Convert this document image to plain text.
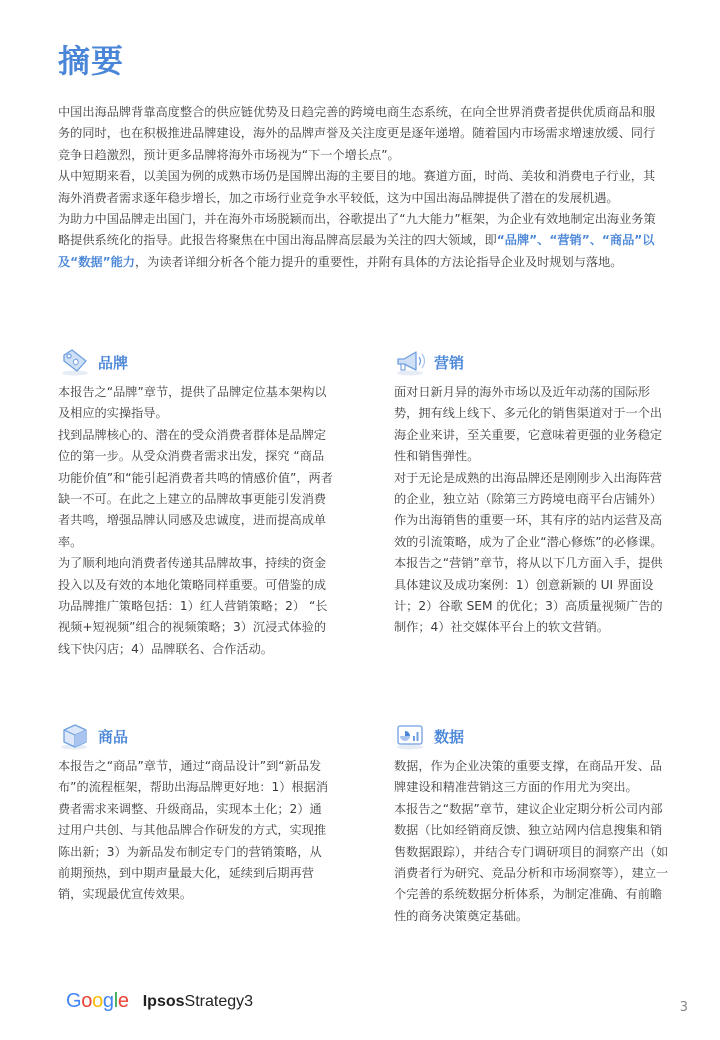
摘要

中国出海品牌背靠高度整合的供应链优势及日趋完善的跨境电商生态系统，在向全世界消费者提供优质商品和服务的同时，也在积极推进品牌建设，海外的品牌声誉及关注度更是逐年递增。随着国内市场需求增速放缓、同行竞争日趋激烈，预计更多品牌将海外市场视为“下一个增长点”。

从中短期来看，以美国为例的成熟市场仍是国牌出海的主要目的地。赛道方面，时尚、美妆和消费电子行业，其海外消费者需求逐年稳步增长，加之市场行业竞争水平较低，这为中国出海品牌提供了潜在的发展机遇。

为助力中国品牌走出国门，并在海外市场脱颖而出，谷歌提出了“九大能力”框架，为企业有效地制定出海业务策略提供系统化的指导。此报告将聚焦在中国出海品牌高层最为关注的四大领域，即“品牌”、“营销”、“商品”以及“数据”能力，为读者详细分析各个能力提升的重要性，并附有具体的方法论指导企业及时规划与落地。

品牌

本报告之“品牌”章节，提供了品牌定位基本架构以及相应的实操指导。

找到品牌核心的、潜在的受众消费者群体是品牌定位的第一步。从受众消费者需求出发，探究 “商品功能价值”和“能引起消费者共鸣的情感价值”，两者缺一不可。在此之上建立的品牌故事更能引发消费者共鸣，增强品牌认同感及忠诚度，进而提高成单率。

为了顺利地向消费者传递其品牌故事，持续的资金投入以及有效的本地化策略同样重要。可借鉴的成功品牌推广策略包括：1）红人营销策略；2） “长视频+短视频”组合的视频策略；3）沉浸式体验的线下快闪店；4）品牌联名、合作活动。

营销

面对日新月异的海外市场以及近年动荡的国际形势，拥有线上线下、多元化的销售渠道对于一个出海企业来讲，至关重要，它意味着更强的业务稳定性和销售弹性。

对于无论是成熟的出海品牌还是刚刚步入出海阵营的企业，独立站（除第三方跨境电商平台店铺外） 作为出海销售的重要一环，其有序的站内运营及高效的引流策略，成为了企业“潜心修炼”的必修课。

本报告之“营销”章节，将从以下几方面入手，提供具体建议及成功案例：1）创意新颖的 UI 界面设计；2）谷歌 SEM 的优化；3）高质量视频广告的制作；4）社交媒体平台上的软文营销。

商品

本报告之“商品”章节，通过“商品设计”到“新品发布”的流程框架，帮助出海品牌更好地：1）根据消费者需求来调整、升级商品，实现本土化；2）通过用户共创、与其他品牌合作研发的方式，实现推陈出新；3）为新品发布制定专门的营销策略，从前期预热，到中期声量最大化，延续到后期再营销，实现最优宣传效果。

数据

数据，作为企业决策的重要支撑，在商品开发、品牌建设和精准营销这三方面的作用尤为突出。

本报告之“数据”章节，建议企业定期分析公司内部数据（比如经销商反馈、独立站网内信息搜集和销售数据跟踪），并结合专门调研项目的洞察产出（如消费者行为研究、竞品分析和市场洞察等），建立一个完善的系统数据分析体系，为制定准确、有前瞻性的商务决策奠定基础。

Google IpsosStrategy3	3
